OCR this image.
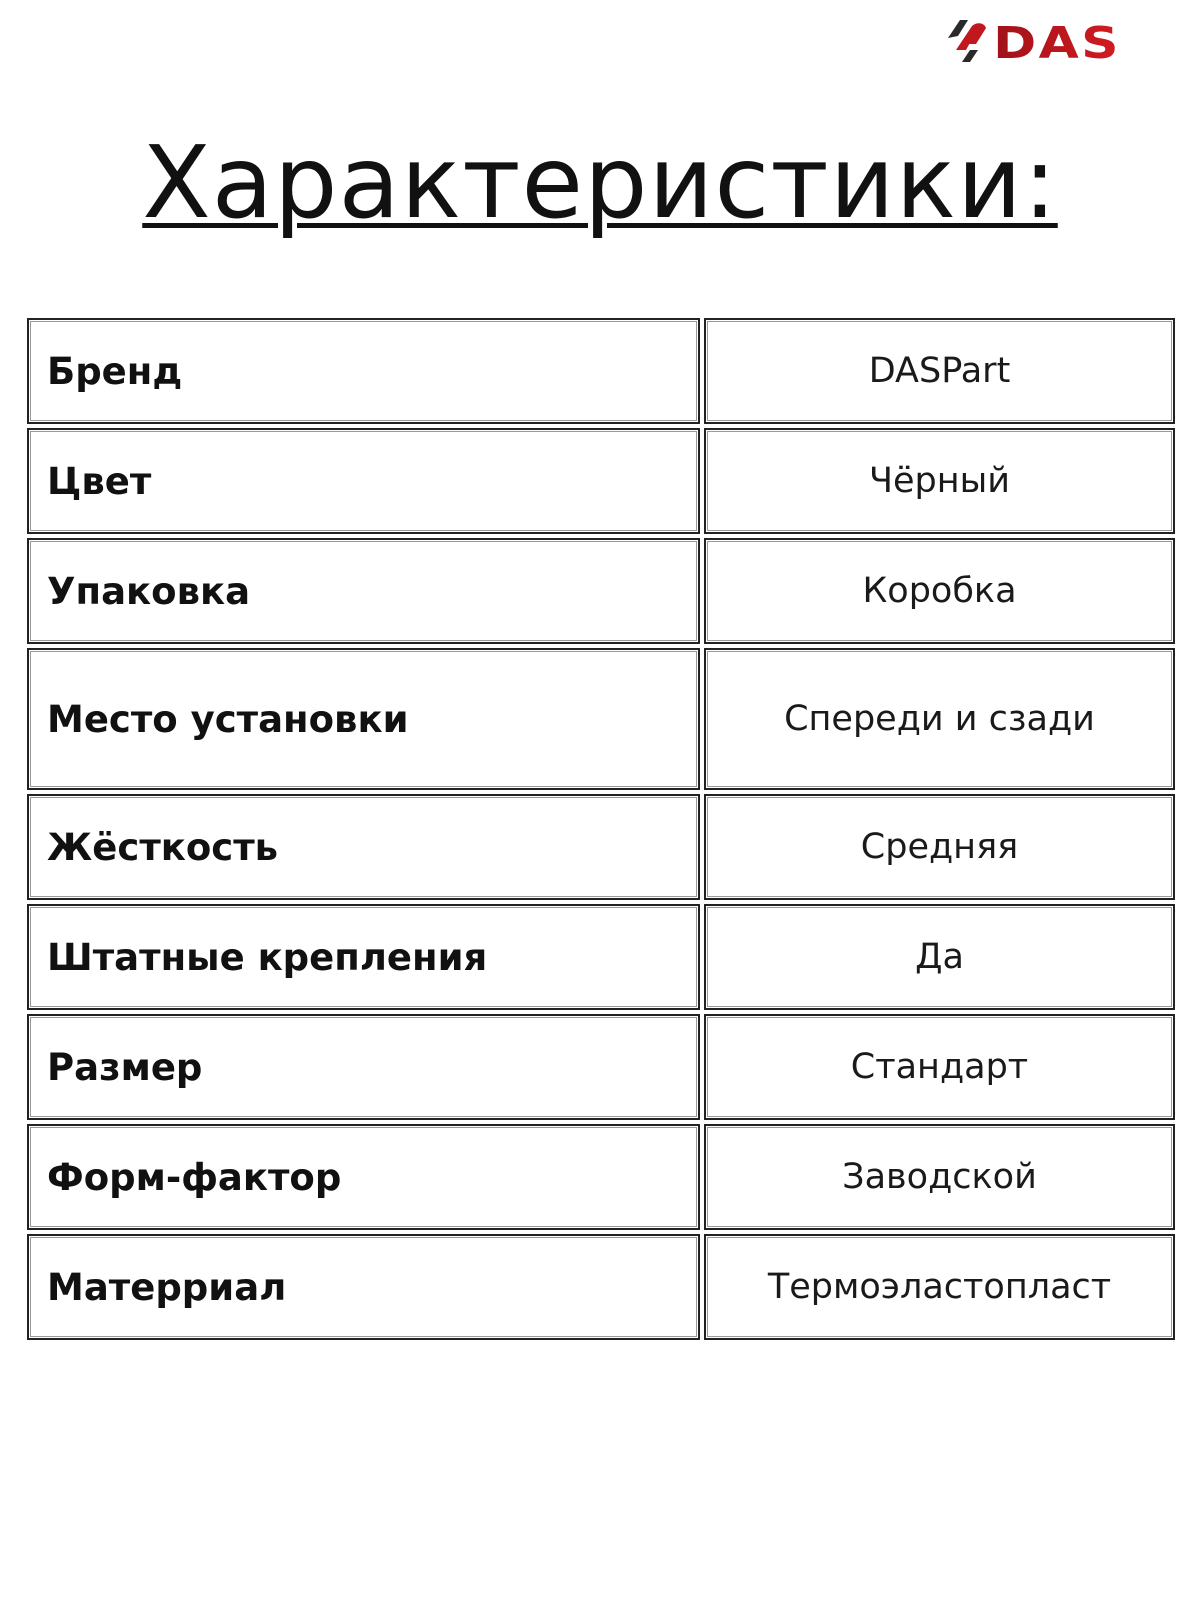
DAS
Характеристики:
Бренд	DASPart
Цвет	Чёрный
Упаковка	Коробка
Место установки	Спереди и сзади
Жёсткость	Средняя
Штатные крепления	Да
Размер	Стандарт
Форм-фактор	Заводской
Матерриал	Термоэластопласт
